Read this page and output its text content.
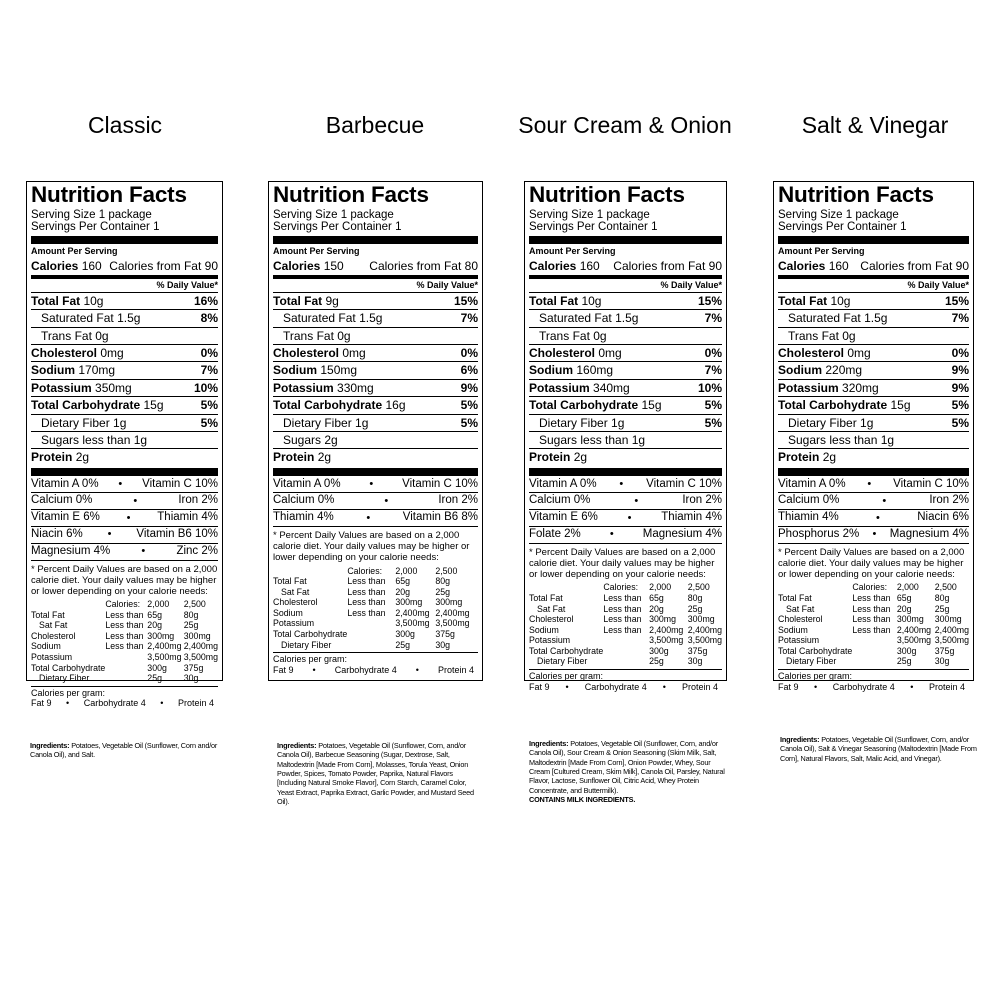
Classic
Nutrition Facts
Serving Size 1 package
Servings Per Container 1
Amount Per Serving
Calories 160 Calories from Fat 90
% Daily Value*
Total Fat 10g	16%
Saturated Fat 1.5g	8%
Trans Fat 0g
Cholesterol 0mg	0%
Sodium 170mg	7%
Potassium 350mg	10%
Total Carbohydrate 15g	5%
Dietary Fiber 1g	5%
Sugars less than 1g
Protein 2g
Vitamin A 0% • Vitamin C 10%
Calcium 0%	•	Iron 2%
Vitamin E 6% • Thiamin 4%
Niacin 6% • Vitamin B6 10%
Magnesium 4%	•	Zinc 2%
* Percent Daily Values are based on a 2,000 calorie diet. Your daily values may be higher or lower depending on your calorie needs:
	Calories:	2,000	2,500
Total Fat	Less than	65g	80g
Sat Fat	Less than	20g	25g
Cholesterol	Less than	300mg	300mg
Sodium	Less than	2,400mg	2,400mg
Potassium		3,500mg	3,500mg
Total Carbohydrate		300g	375g
Dietary Fiber		25g	30g
Calories per gram:
Fat 9 • Carbohydrate 4 • Protein 4
Ingredients: Potatoes, Vegetable Oil (Sunflower, Corn and/or Canola Oil), and Salt.
Barbecue
Nutrition Facts
Serving Size 1 package
Servings Per Container 1
Amount Per Serving
Calories 150 Calories from Fat 80
% Daily Value*
Total Fat 9g	15%
Saturated Fat 1.5g	7%
Trans Fat 0g
Cholesterol 0mg	0%
Sodium 150mg	6%
Potassium 330mg	9%
Total Carbohydrate 16g	5%
Dietary Fiber 1g	5%
Sugars 2g
Protein 2g
Vitamin A 0%	•	Vitamin C 10%
Calcium 0%	•	Iron 2%
Thiamin 4%	•	Vitamin B6 8%
* Percent Daily Values are based on a 2,000 calorie diet. Your daily values may be higher or lower depending on your calorie needs:
	Calories:	2,000	2,500
Total Fat	Less than	65g	80g
Sat Fat	Less than	20g	25g
Cholesterol	Less than	300mg	300mg
Sodium	Less than	2,400mg	2,400mg
Potassium		3,500mg	3,500mg
Total Carbohydrate		300g	375g
Dietary Fiber		25g	30g
Calories per gram:
Fat 9 • Carbohydrate 4 • Protein 4
Ingredients: Potatoes, Vegetable Oil (Sunflower, Corn, and/or Canola Oil), Barbecue Seasoning (Sugar, Dextrose, Salt, Maltodextrin [Made From Corn], Molasses, Torula Yeast, Onion Powder, Spices, Tomato Powder, Paprika, Natural Flavors [Including Natural Smoke Flavor], Corn Starch, Caramel Color, Yeast Extract, Paprika Extract, Garlic Powder, and Mustard Seed Oil).
Sour Cream & Onion
Nutrition Facts
Serving Size 1 package
Servings Per Container 1
Amount Per Serving
Calories 160 Calories from Fat 90
% Daily Value*
Total Fat 10g	15%
Saturated Fat 1.5g	7%
Trans Fat 0g
Cholesterol 0mg	0%
Sodium 160mg	7%
Potassium 340mg	10%
Total Carbohydrate 15g	5%
Dietary Fiber 1g	5%
Sugars less than 1g
Protein 2g
Vitamin A 0% • Vitamin C 10%
Calcium 0%	•	Iron 2%
Vitamin E 6%	•	Thiamin 4%
Folate 2%	•	Magnesium 4%
* Percent Daily Values are based on a 2,000 calorie diet. Your daily values may be higher or lower depending on your calorie needs:
	Calories:	2,000	2,500
Total Fat	Less than	65g	80g
Sat Fat	Less than	20g	25g
Cholesterol	Less than	300mg	300mg
Sodium	Less than	2,400mg	2,400mg
Potassium		3,500mg	3,500mg
Total Carbohydrate		300g	375g
Dietary Fiber		25g	30g
Calories per gram:
Fat 9 • Carbohydrate 4 • Protein 4
Ingredients: Potatoes, Vegetable Oil (Sunflower, Corn, and/or Canola Oil), Sour Cream & Onion Seasoning (Skim Milk, Salt, Maltodextrin [Made From Corn], Onion Powder, Whey, Sour Cream [Cultured Cream, Skim Milk], Canola Oil, Parsley, Natural Flavor, Lactose, Sunflower Oil, Citric Acid, Whey Protein Concentrate, and Buttermilk).
CONTAINS MILK INGREDIENTS.
Salt & Vinegar
Nutrition Facts
Serving Size 1 package
Servings Per Container 1
Amount Per Serving
Calories 160 Calories from Fat 90
% Daily Value*
Total Fat 10g	15%
Saturated Fat 1.5g	7%
Trans Fat 0g
Cholesterol 0mg	0%
Sodium 220mg	9%
Potassium 320mg	9%
Total Carbohydrate 15g	5%
Dietary Fiber 1g	5%
Sugars less than 1g
Protein 2g
Vitamin A 0% • Vitamin C 10%
Calcium 0%	•	Iron 2%
Thiamin 4%	•	Niacin 6%
Phosphorus 2% • Magnesium 4%
* Percent Daily Values are based on a 2,000 calorie diet. Your daily values may be higher or lower depending on your calorie needs:
	Calories:	2,000	2,500
Total Fat	Less than	65g	80g
Sat Fat	Less than	20g	25g
Cholesterol	Less than	300mg	300mg
Sodium	Less than	2,400mg	2,400mg
Potassium		3,500mg	3,500mg
Total Carbohydrate		300g	375g
Dietary Fiber		25g	30g
Calories per gram:
Fat 9 • Carbohydrate 4 • Protein 4
Ingredients: Potatoes, Vegetable Oil (Sunflower, Corn, and/or Canola Oil), Salt & Vinegar Seasoning (Maltodextrin [Made From Corn], Natural Flavors, Salt, Malic Acid, and Vinegar).
